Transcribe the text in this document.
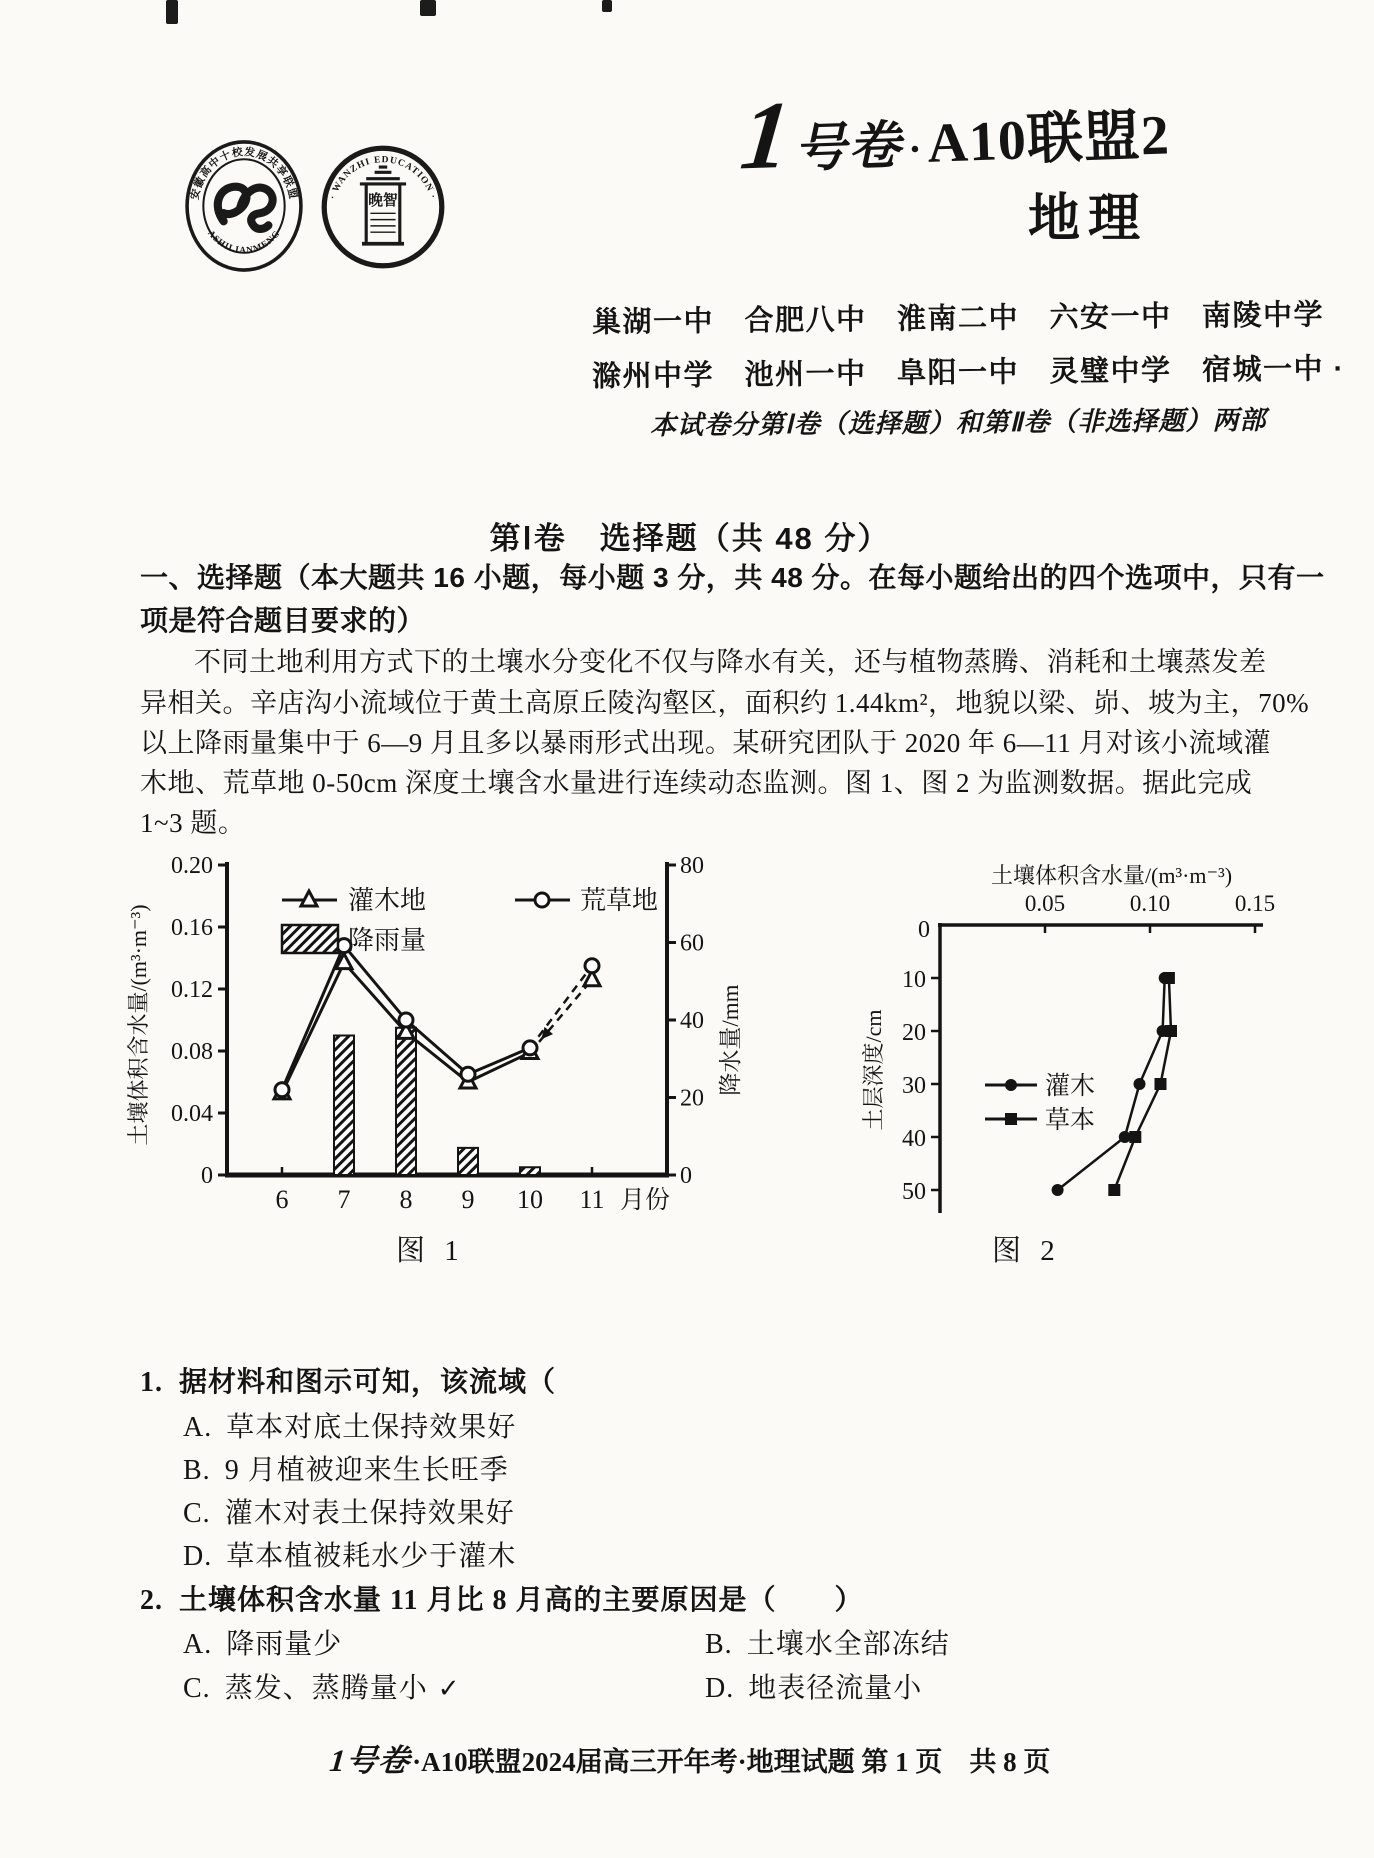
安徽高中十校发展共享联盟
ASHILIANMENG
· WANZHI EDUCATION ·
晚智
1
号卷 · A10联盟2
地理
巢湖一中　合肥八中　淮南二中　六安一中　南陵中学
滁州中学　池州一中　阜阳一中　灵璧中学　宿城一中 ·
本试卷分第Ⅰ卷（选择题）和第Ⅱ卷（非选择题）两部
第Ⅰ卷　选择题（共 48 分）
一、选择题（本大题共 16 小题，每小题 3 分，共 48 分。在每小题给出的四个选项中，只有一
项是符合题目要求的）
不同土地利用方式下的土壤水分变化不仅与降水有关，还与植物蒸腾、消耗和土壤蒸发差
异相关。辛店沟小流域位于黄土高原丘陵沟壑区，面积约 1.44km²，地貌以梁、峁、坡为主，70%
以上降雨量集中于 6—9 月且多以暴雨形式出现。某研究团队于 2020 年 6—11 月对该小流域灌
木地、荒草地 0-50cm 深度土壤含水量进行连续动态监测。图 1、图 2 为监测数据。据此完成
1~3 题。
0
0.04
0.08
0.12
0.16
0.20
0
20
40
60
80
6 7 8 9 10 11 月份
灌木地
降雨量
荒草地
土壤体积含水量/(m³·m⁻³)	降水量/mm
图 1
0.05	0.10	0.15
0
10
20
30
40
50
土壤体积含水量/(m³·m⁻³)
土层深度/cm	灌木
草本
图 2
1. 据材料和图示可知，该流域（
A. 草本对底土保持效果好
B. 9 月植被迎来生长旺季
C. 灌木对表土保持效果好
D. 草本植被耗水少于灌木
2. 土壤体积含水量 11 月比 8 月高的主要原因是（　　）
A. 降雨量少	B. 土壤水全部冻结
C. 蒸发、蒸腾量小 ✓	D. 地表径流量小
1号卷·A10联盟2024届高三开年考·地理试题 第 1 页　共 8 页
